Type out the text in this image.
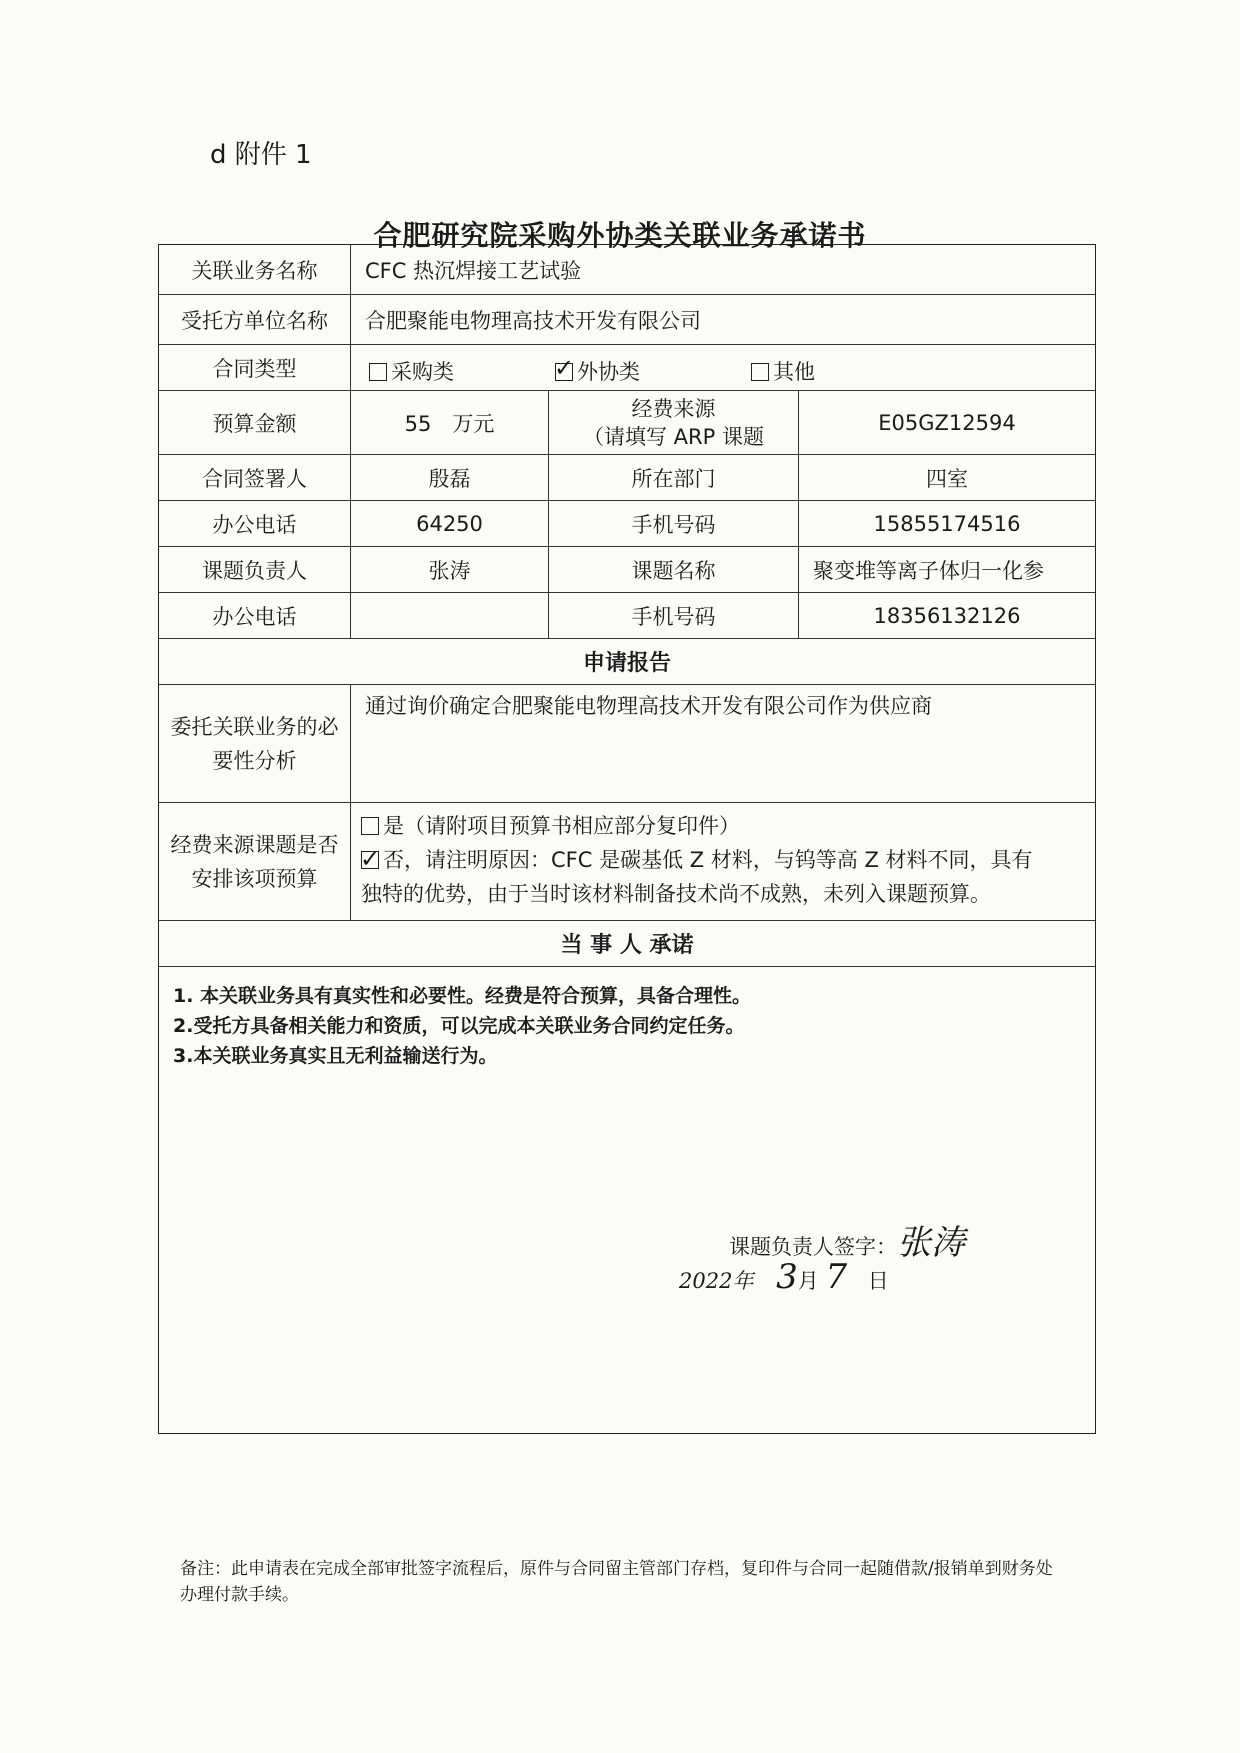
d 附件 1
合肥研究院采购外协类关联业务承诺书
关联业务名称	CFC 热沉焊接工艺试验
受托方单位名称	合肥聚能电物理高技术开发有限公司
合同类型	采购类
✓	外协类	其他
预算金额	55　万元
经费来源
（请填写 ARP 课题
E05GZ12594
合同签署人	殷磊	所在部门	四室
办公电话	64250	手机号码	15855174516
课题负责人	张涛	课题名称	聚变堆等离子体归一化参
办公电话	手机号码	18356132126
申请报告
委托关联业务的必
要性分析
通过询价确定合肥聚能电物理高技术开发有限公司作为供应商
经费来源课题是否
安排该项预算
是（请附项目预算书相应部分复印件）
✓否，请注明原因：CFC 是碳基低 Z 材料，与钨等高 Z 材料不同，具有
独特的优势，由于当时该材料制备技术尚不成熟，未列入课题预算。
当 事 人 承诺
1. 本关联业务具有真实性和必要性。经费是符合预算，具备合理性。
2.受托方具备相关能力和资质，可以完成本关联业务合同约定任务。
3.本关联业务真实且无利益输送行为。
课题负责人签字：张涛
2022年 3月 7 日
备注：此申请表在完成全部审批签字流程后，原件与合同留主管部门存档，复印件与合同一起随借款/报销单到财务处办理付款手续。
